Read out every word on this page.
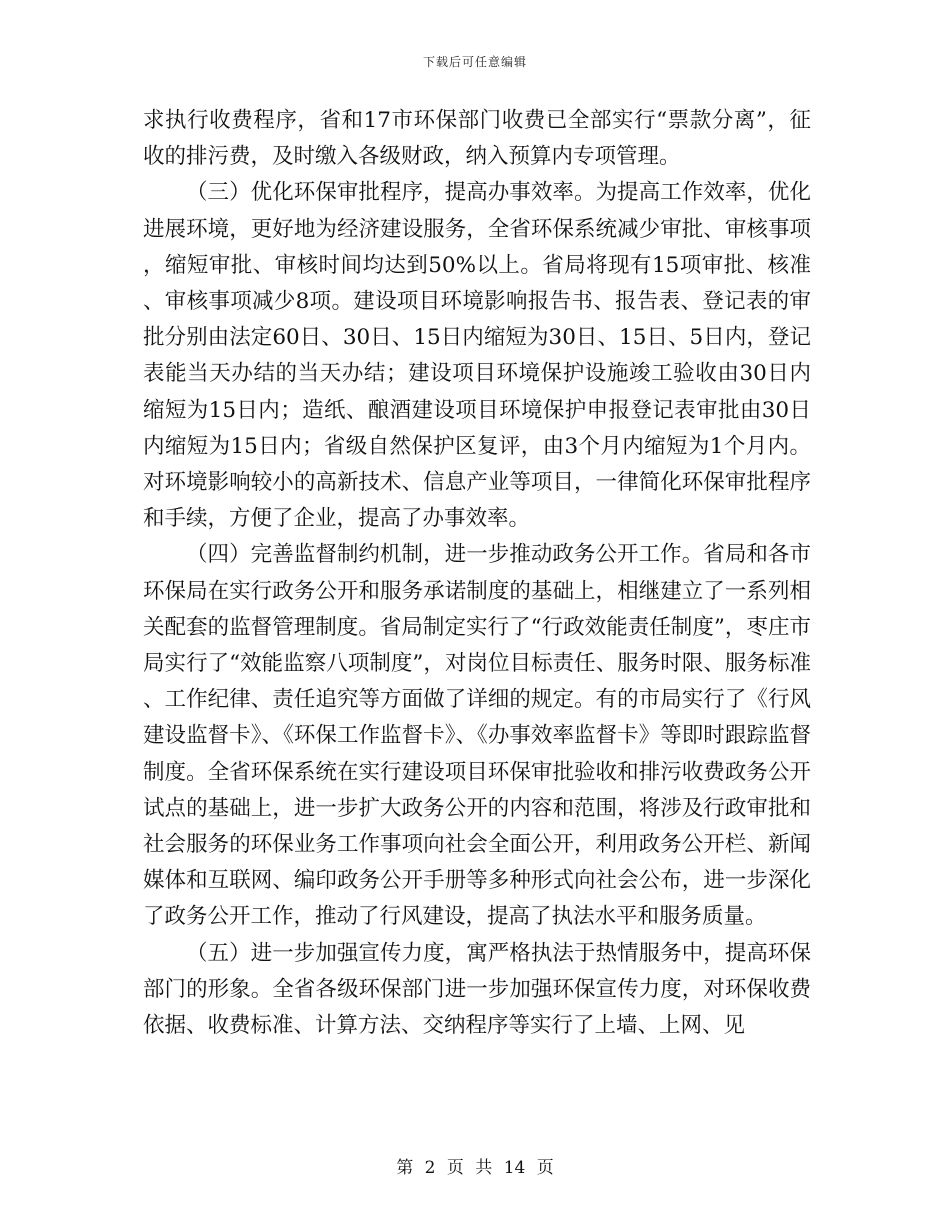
下载后可任意编辑

求执行收费程序，省和17市环保部门收费已全部实行“票款分离”，征收的排污费，及时缴入各级财政，纳入预算内专项管理。

（三）优化环保审批程序，提高办事效率。为提高工作效率，优化进展环境，更好地为经济建设服务，全省环保系统减少审批、审核事项，缩短审批、审核时间均达到50%以上。省局将现有15项审批、核准、审核事项减少8项。建设项目环境影响报告书、报告表、登记表的审批分别由法定60日、30日、15日内缩短为30日、15日、5日内，登记表能当天办结的当天办结；建设项目环境保护设施竣工验收由30日内缩短为15日内；造纸、酿酒建设项目环境保护申报登记表审批由30日内缩短为15日内；省级自然保护区复评，由3个月内缩短为1个月内。对环境影响较小的高新技术、信息产业等项目，一律简化环保审批程序和手续，方便了企业，提高了办事效率。

（四）完善监督制约机制，进一步推动政务公开工作。省局和各市环保局在实行政务公开和服务承诺制度的基础上，相继建立了一系列相关配套的监督管理制度。省局制定实行了“行政效能责任制度”，枣庄市局实行了“效能监察八项制度”，对岗位目标责任、服务时限、服务标准、工作纪律、责任追究等方面做了详细的规定。有的市局实行了《行风建设监督卡》、《环保工作监督卡》、《办事效率监督卡》等即时跟踪监督制度。全省环保系统在实行建设项目环保审批验收和排污收费政务公开试点的基础上，进一步扩大政务公开的内容和范围，将涉及行政审批和社会服务的环保业务工作事项向社会全面公开，利用政务公开栏、新闻媒体和互联网、编印政务公开手册等多种形式向社会公布，进一步深化了政务公开工作，推动了行风建设，提高了执法水平和服务质量。

（五）进一步加强宣传力度，寓严格执法于热情服务中，提高环保部门的形象。全省各级环保部门进一步加强环保宣传力度，对环保收费依据、收费标准、计算方法、交纳程序等实行了上墙、上网、见

第 2 页 共 14 页
